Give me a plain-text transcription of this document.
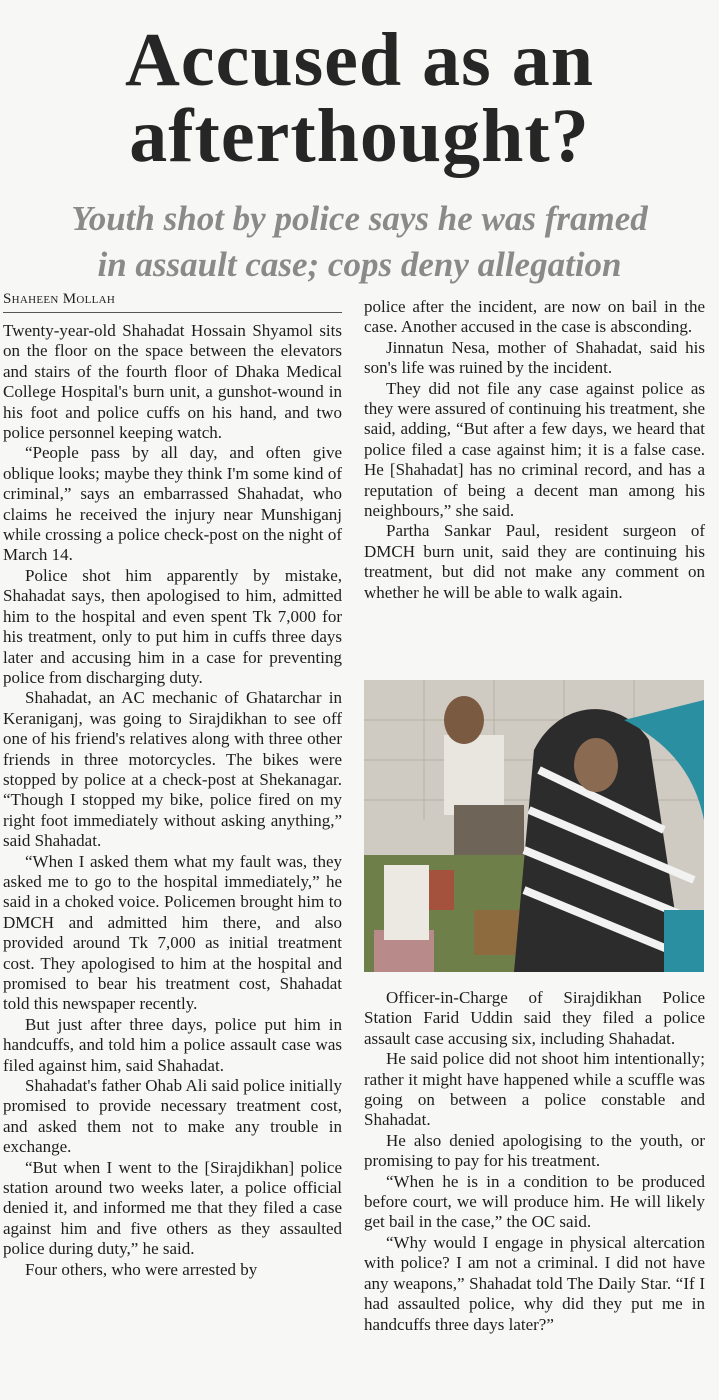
Accused as an
afterthought?
Youth shot by police says he was framed
in assault case; cops deny allegation
Shaheen Mollah

Twenty-year-old Shahadat Hossain Shyamol sits on the floor on the space between the elevators and stairs of the fourth floor of Dhaka Medical College Hospital's burn unit, a gunshot-wound in his foot and police cuffs on his hand, and two police personnel keeping watch.

“People pass by all day, and often give oblique looks; maybe they think I'm some kind of criminal,” says an embarrassed Shahadat, who claims he received the injury near Munshiganj while crossing a police check-post on the night of March 14.

Police shot him apparently by mistake, Shahadat says, then apologised to him, admitted him to the hospital and even spent Tk 7,000 for his treatment, only to put him in cuffs three days later and accusing him in a case for preventing police from discharging duty.

Shahadat, an AC mechanic of Ghatarchar in Keraniganj, was going to Sirajdikhan to see off one of his friend's relatives along with three other friends in three motorcycles. The bikes were stopped by police at a check-post at Shekanagar. “Though I stopped my bike, police fired on my right foot immediately without asking anything,” said Shahadat.

“When I asked them what my fault was, they asked me to go to the hospital immediately,” he said in a choked voice. Policemen brought him to DMCH and admitted him there, and also provided around Tk 7,000 as initial treatment cost. They apologised to him at the hospital and promised to bear his treatment cost, Shahadat told this newspaper recently.

But just after three days, police put him in handcuffs, and told him a police assault case was filed against him, said Shahadat.

Shahadat's father Ohab Ali said police initially promised to provide necessary treatment cost, and asked them not to make any trouble in exchange.

“But when I went to the [Sirajdikhan] police station around two weeks later, a police official denied it, and informed me that they filed a case against him and five others as they assaulted police during duty,” he said.

Four others, who were arrested by

police after the incident, are now on bail in the case. Another accused in the case is absconding.

Jinnatun Nesa, mother of Shahadat, said his son's life was ruined by the incident.

They did not file any case against police as they were assured of continuing his treatment, she said, adding, “But after a few days, we heard that police filed a case against him; it is a false case. He [Shahadat] has no criminal record, and has a reputation of being a decent man among his neighbours,” she said.

Partha Sankar Paul, resident surgeon of DMCH burn unit, said they are continuing his treatment, but did not make any comment on whether he will be able to walk again.

Officer-in-Charge of Sirajdikhan Police Station Farid Uddin said they filed a police assault case accusing six, including Shahadat.

He said police did not shoot him intentionally; rather it might have happened while a scuffle was going on between a police constable and Shahadat.

He also denied apologising to the youth, or promising to pay for his treatment.

“When he is in a condition to be produced before court, we will produce him. He will likely get bail in the case,” the OC said.

“Why would I engage in physical altercation with police? I am not a criminal. I did not have any weapons,” Shahadat told The Daily Star. “If I had assaulted police, why did they put me in handcuffs three days later?”
